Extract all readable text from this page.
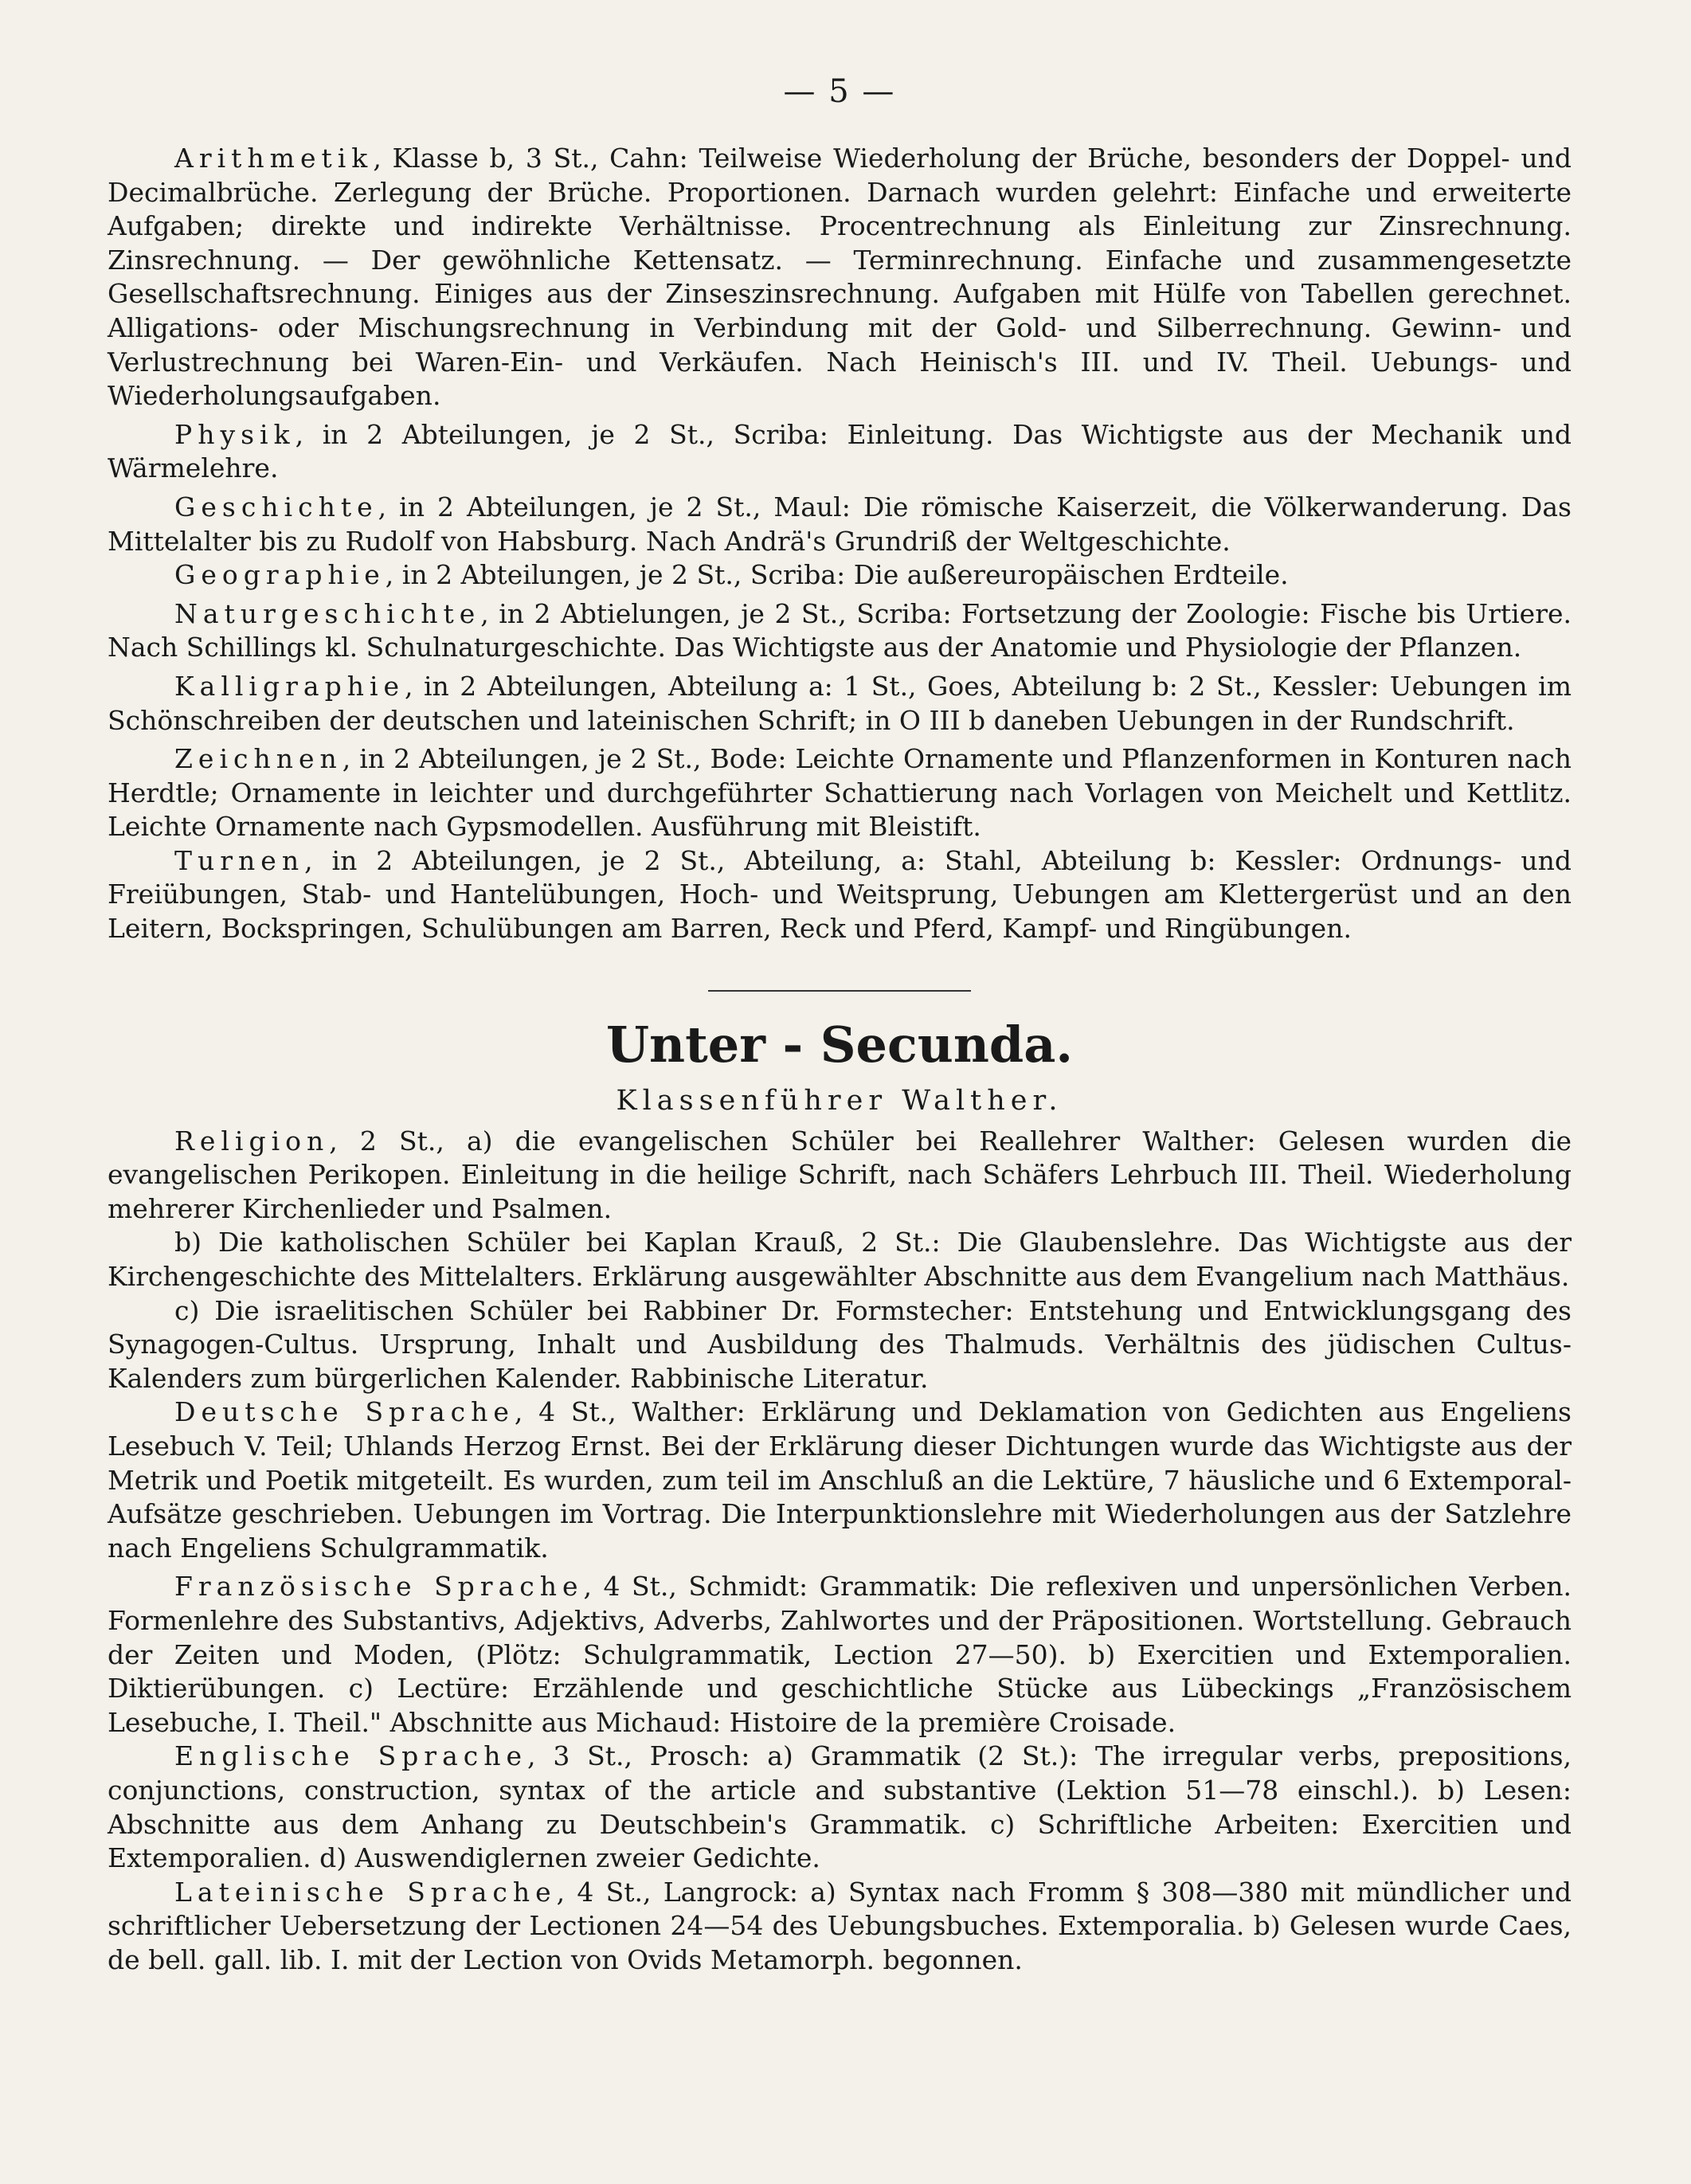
— 5 —

Arithmetik, Klasse b, 3 St., Cahn: Teilweise Wiederholung der Brüche, besonders der Doppel- und Decimalbrüche. Zerlegung der Brüche. Proportionen. Darnach wurden gelehrt: Einfache und erweiterte Aufgaben; direkte und indirekte Verhältnisse. Procentrechnung als Einleitung zur Zinsrechnung. Zinsrechnung. — Der gewöhnliche Kettensatz. — Terminrechnung. Einfache und zusammengesetzte Gesellschaftsrechnung. Einiges aus der Zinseszinsrechnung. Aufgaben mit Hülfe von Tabellen gerechnet. Alligations- oder Mischungsrechnung in Verbindung mit der Gold- und Silberrechnung. Gewinn- und Verlustrechnung bei Waren-Ein- und Verkäufen. Nach Heinisch's III. und IV. Theil. Uebungs- und Wiederholungsaufgaben.

Physik, in 2 Abteilungen, je 2 St., Scriba: Einleitung. Das Wichtigste aus der Mechanik und Wärmelehre.

Geschichte, in 2 Abteilungen, je 2 St., Maul: Die römische Kaiserzeit, die Völkerwanderung. Das Mittelalter bis zu Rudolf von Habsburg. Nach Andrä's Grundriß der Weltgeschichte.

Geographie, in 2 Abteilungen, je 2 St., Scriba: Die außereuropäischen Erdteile.

Naturgeschichte, in 2 Abtielungen, je 2 St., Scriba: Fortsetzung der Zoologie: Fische bis Urtiere. Nach Schillings kl. Schulnaturgeschichte. Das Wichtigste aus der Anatomie und Physiologie der Pflanzen.

Kalligraphie, in 2 Abteilungen, Abteilung a: 1 St., Goes, Abteilung b: 2 St., Kessler: Uebungen im Schönschreiben der deutschen und lateinischen Schrift; in O III b daneben Uebungen in der Rundschrift.

Zeichnen, in 2 Abteilungen, je 2 St., Bode: Leichte Ornamente und Pflanzenformen in Konturen nach Herdtle; Ornamente in leichter und durchgeführter Schattierung nach Vorlagen von Meichelt und Kettlitz. Leichte Ornamente nach Gypsmodellen. Ausführung mit Bleistift.

Turnen, in 2 Abteilungen, je 2 St., Abteilung, a: Stahl, Abteilung b: Kessler: Ordnungs- und Freiübungen, Stab- und Hantelübungen, Hoch- und Weitsprung, Uebungen am Klettergerüst und an den Leitern, Bockspringen, Schulübungen am Barren, Reck und Pferd, Kampf- und Ringübungen.

Unter - Secunda.
Klassenführer Walther.

Religion, 2 St., a) die evangelischen Schüler bei Reallehrer Walther: Gelesen wurden die evangelischen Perikopen. Einleitung in die heilige Schrift, nach Schäfers Lehrbuch III. Theil. Wiederholung mehrerer Kirchenlieder und Psalmen.

b) Die katholischen Schüler bei Kaplan Krauß, 2 St.: Die Glaubenslehre. Das Wichtigste aus der Kirchengeschichte des Mittelalters. Erklärung ausgewählter Abschnitte aus dem Evangelium nach Matthäus.

c) Die israelitischen Schüler bei Rabbiner Dr. Formstecher: Entstehung und Entwicklungsgang des Synagogen-Cultus. Ursprung, Inhalt und Ausbildung des Thalmuds. Verhältnis des jüdischen Cultus-Kalenders zum bürgerlichen Kalender. Rabbinische Literatur.

Deutsche Sprache, 4 St., Walther: Erklärung und Deklamation von Gedichten aus Engeliens Lesebuch V. Teil; Uhlands Herzog Ernst. Bei der Erklärung dieser Dichtungen wurde das Wichtigste aus der Metrik und Poetik mitgeteilt. Es wurden, zum teil im Anschluß an die Lektüre, 7 häusliche und 6 Extemporal-Aufsätze geschrieben. Uebungen im Vortrag. Die Interpunktionslehre mit Wiederholungen aus der Satzlehre nach Engeliens Schulgrammatik.

Französische Sprache, 4 St., Schmidt: Grammatik: Die reflexiven und unpersönlichen Verben. Formenlehre des Substantivs, Adjektivs, Adverbs, Zahlwortes und der Präpositionen. Wortstellung. Gebrauch der Zeiten und Moden, (Plötz: Schulgrammatik, Lection 27—50). b) Exercitien und Extemporalien. Diktierübungen. c) Lectüre: Erzählende und geschichtliche Stücke aus Lübeckings „Französischem Lesebuche, I. Theil." Abschnitte aus Michaud: Histoire de la première Croisade.

Englische Sprache, 3 St., Prosch: a) Grammatik (2 St.): The irregular verbs, prepositions, conjunctions, construction, syntax of the article and substantive (Lektion 51—78 einschl.). b) Lesen: Abschnitte aus dem Anhang zu Deutschbein's Grammatik. c) Schriftliche Arbeiten: Exercitien und Extemporalien. d) Auswendiglernen zweier Gedichte.

Lateinische Sprache, 4 St., Langrock: a) Syntax nach Fromm § 308—380 mit mündlicher und schriftlicher Uebersetzung der Lectionen 24—54 des Uebungsbuches. Extemporalia. b) Gelesen wurde Caes, de bell. gall. lib. I. mit der Lection von Ovids Metamorph. begonnen.
